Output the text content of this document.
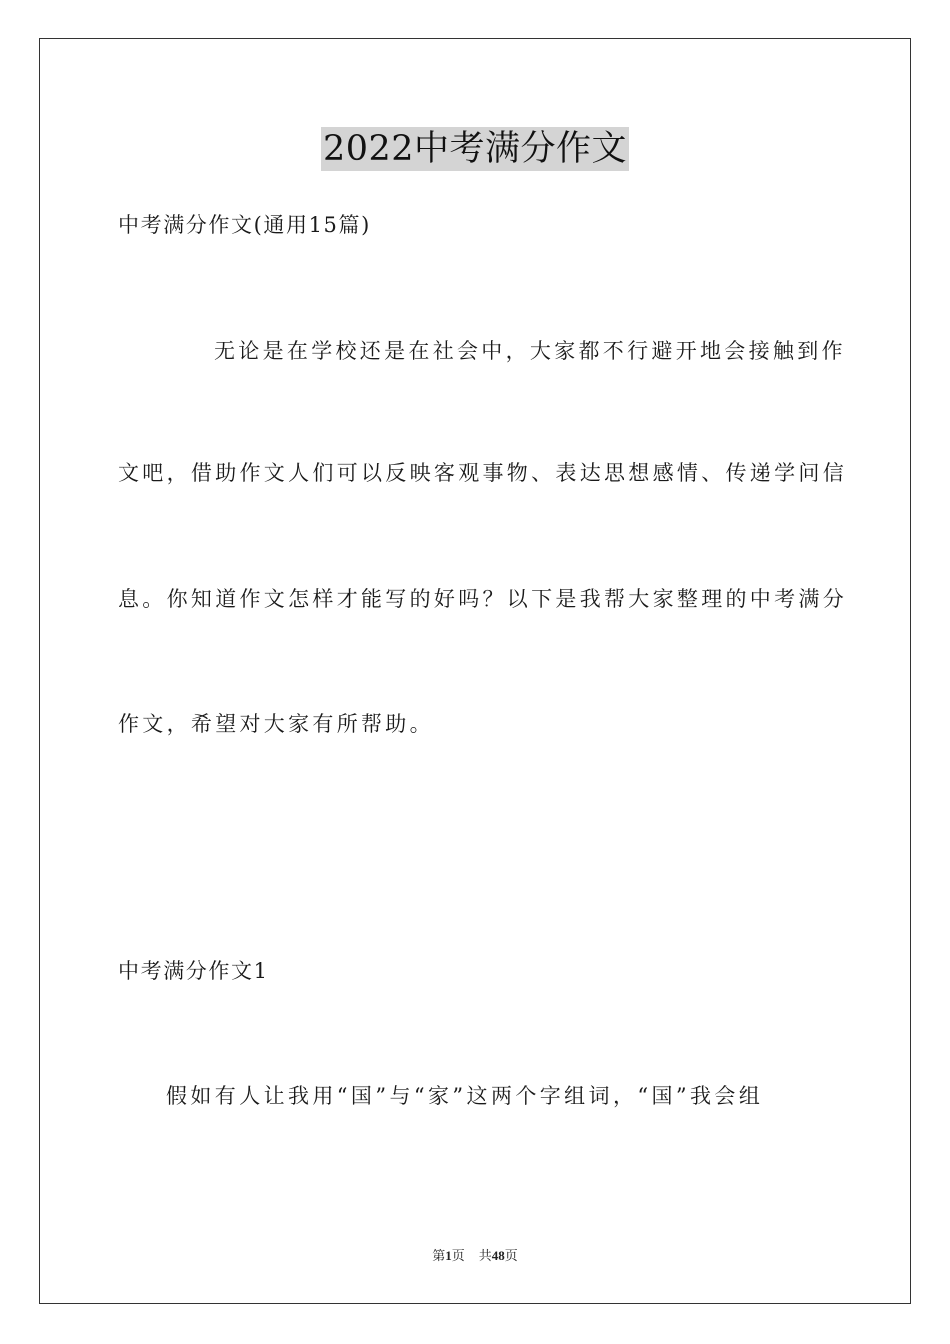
2022中考满分作文
中考满分作文(通用15篇)
无论是在学校还是在社会中，大家都不行避开地会接触到作
文吧，借助作文人们可以反映客观事物、表达思想感情、传递学问信
息。你知道作文怎样才能写的好吗？以下是我帮大家整理的中考满分
作文，希望对大家有所帮助。
中考满分作文1
假如有人让我用“国”与“家”这两个字组词，“国”我会组
第1页 共48页
